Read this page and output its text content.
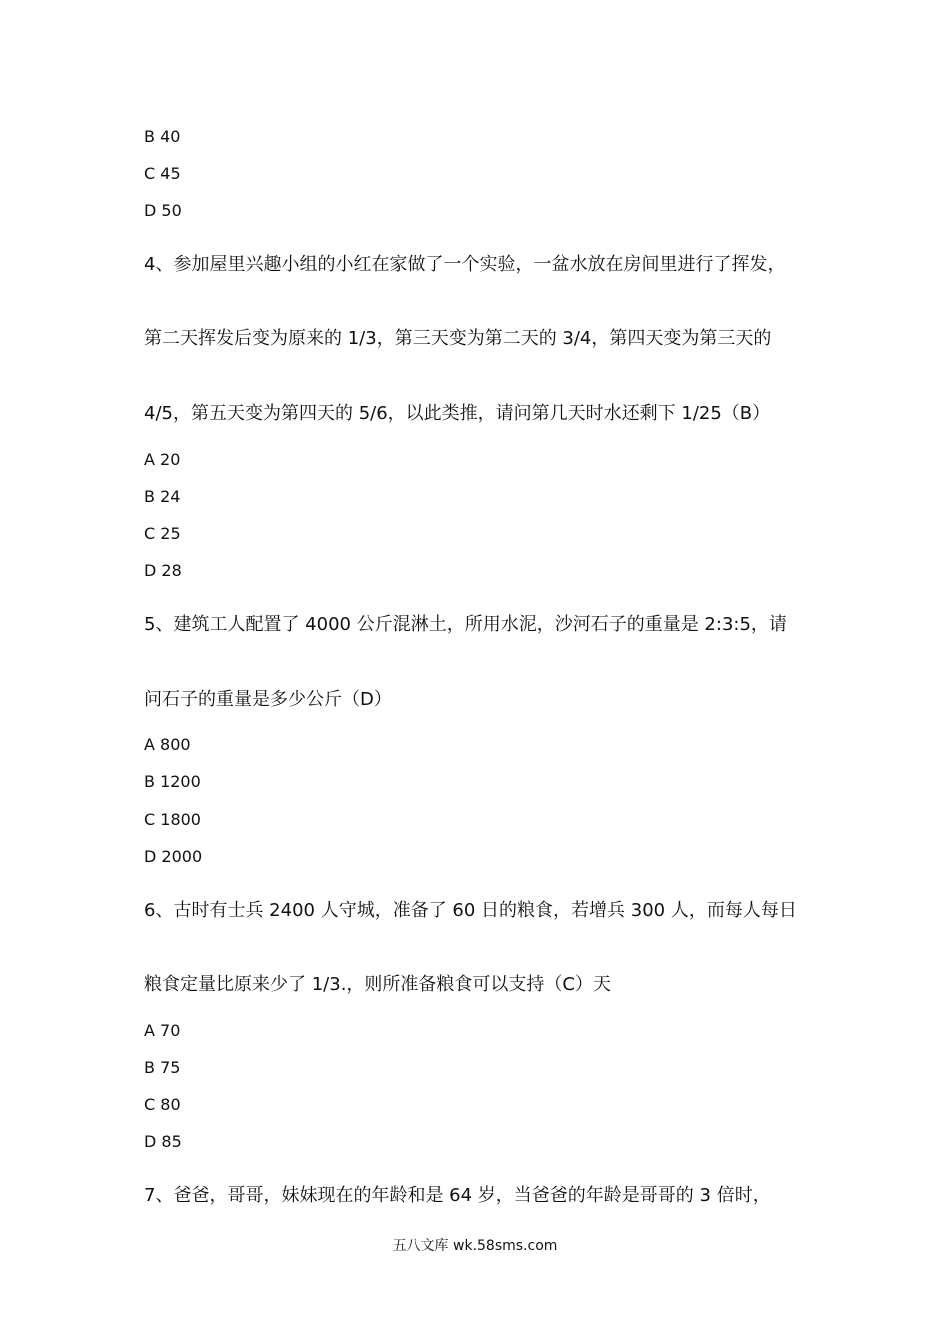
B 40
C 45
D 50
4、参加屋里兴趣小组的小红在家做了一个实验，一盆水放在房间里进行了挥发，
第二天挥发后变为原来的 1/3，第三天变为第二天的 3/4，第四天变为第三天的
4/5，第五天变为第四天的 5/6，以此类推，请问第几天时水还剩下 1/25（B）
A 20
B 24
C 25
D 28
5、建筑工人配置了 4000 公斤混淋土，所用水泥，沙河石子的重量是 2:3:5，请
问石子的重量是多少公斤（D）
A 800
B 1200
C 1800
D 2000
6、古时有士兵 2400 人守城，准备了 60 日的粮食，若增兵 300 人，而每人每日
粮食定量比原来少了 1/3.，则所准备粮食可以支持（C）天
A 70
B 75
C 80
D 85
7、爸爸，哥哥，妹妹现在的年龄和是 64 岁，当爸爸的年龄是哥哥的 3 倍时，
五八文库 wk.58sms.com
